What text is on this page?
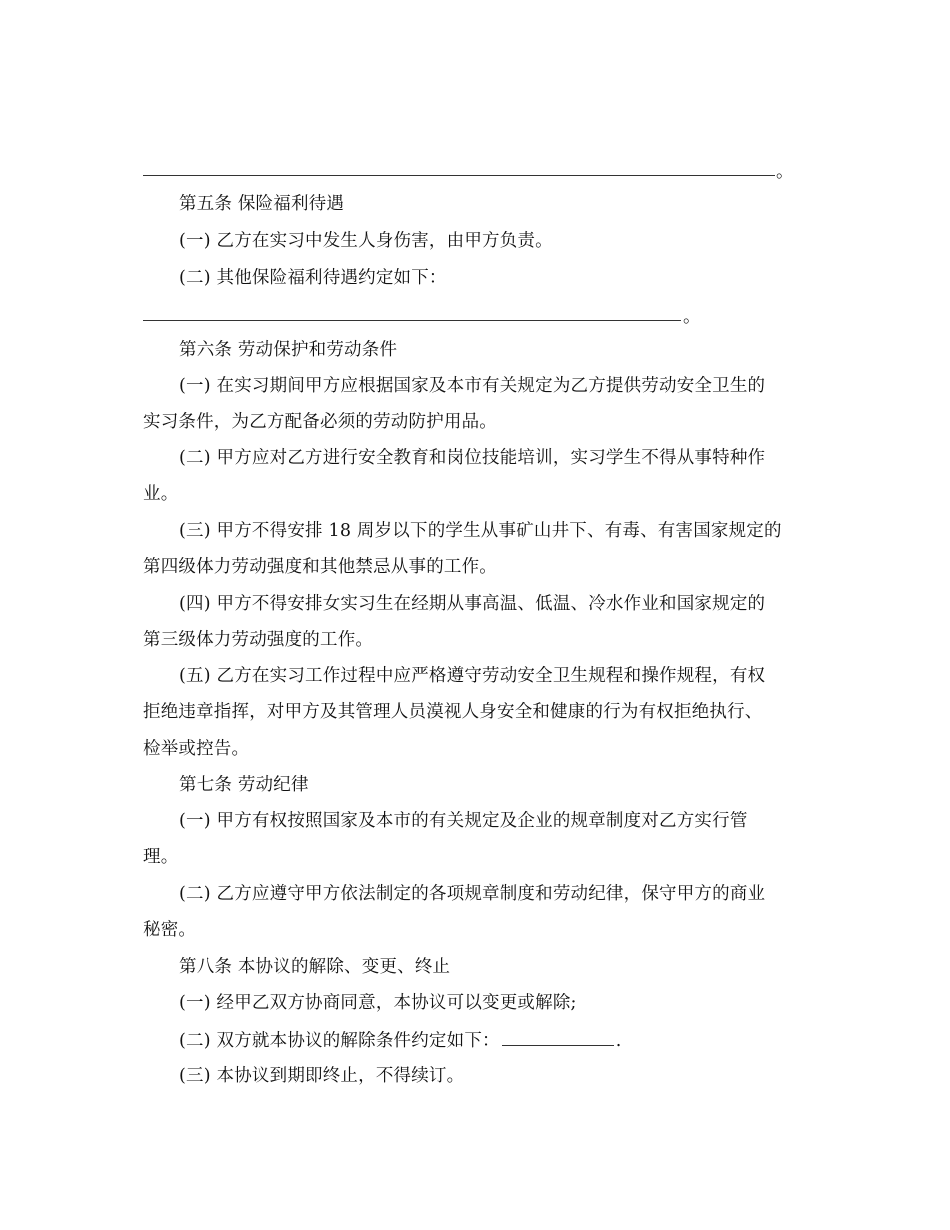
。
第五条 保险福利待遇
(一) 乙方在实习中发生人身伤害，由甲方负责。
(二) 其他保险福利待遇约定如下：
。
第六条 劳动保护和劳动条件
(一) 在实习期间甲方应根据国家及本市有关规定为乙方提供劳动安全卫生的
实习条件，为乙方配备必须的劳动防护用品。
(二) 甲方应对乙方进行安全教育和岗位技能培训，实习学生不得从事特种作
业。
(三) 甲方不得安排 18 周岁以下的学生从事矿山井下、有毒、有害国家规定的
第四级体力劳动强度和其他禁忌从事的工作。
(四) 甲方不得安排女实习生在经期从事高温、低温、冷水作业和国家规定的
第三级体力劳动强度的工作。
(五) 乙方在实习工作过程中应严格遵守劳动安全卫生规程和操作规程，有权
拒绝违章指挥，对甲方及其管理人员漠视人身安全和健康的行为有权拒绝执行、
检举或控告。
第七条 劳动纪律
(一) 甲方有权按照国家及本市的有关规定及企业的规章制度对乙方实行管
理。
(二) 乙方应遵守甲方依法制定的各项规章制度和劳动纪律，保守甲方的商业
秘密。
第八条 本协议的解除、变更、终止
(一) 经甲乙双方协商同意，本协议可以变更或解除;
(二) 双方就本协议的解除条件约定如下：	.
(三) 本协议到期即终止，不得续订。
